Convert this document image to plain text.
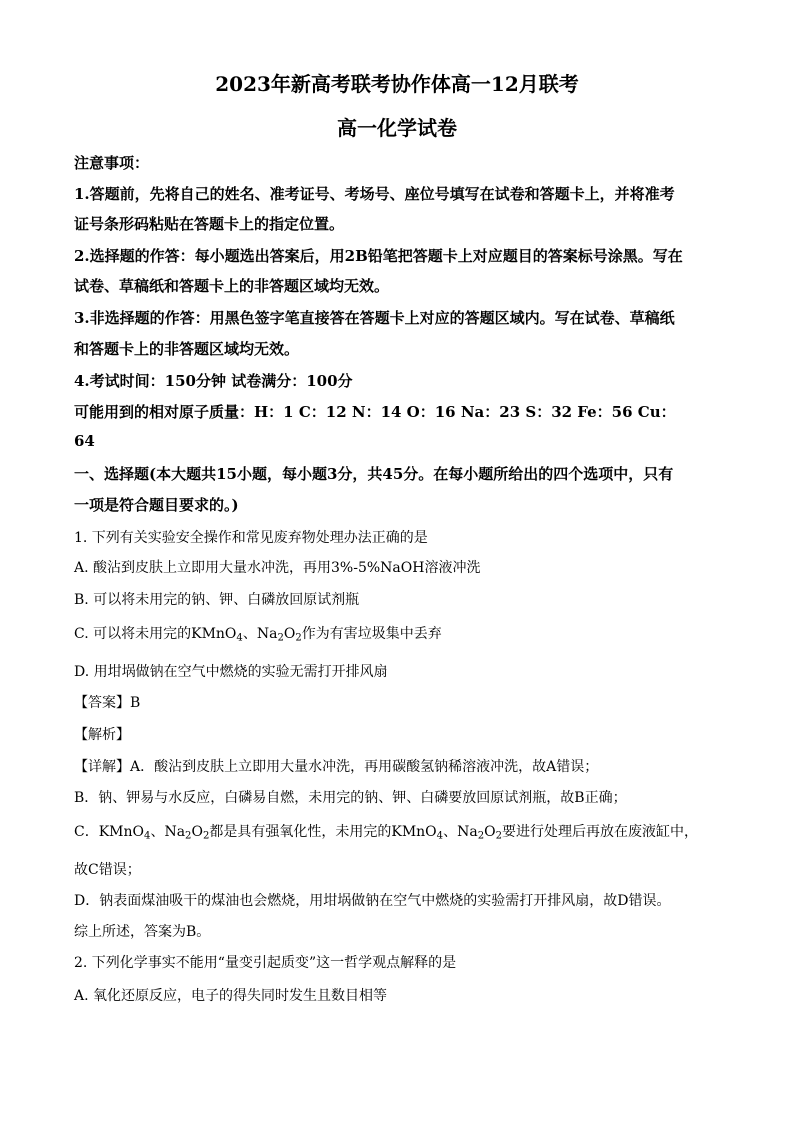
2023年新高考联考协作体高一12月联考
高一化学试卷
注意事项：
1.答题前，先将自己的姓名、准考证号、考场号、座位号填写在试卷和答题卡上，并将准考
证号条形码粘贴在答题卡上的指定位置。
2.选择题的作答：每小题选出答案后，用2B铅笔把答题卡上对应题目的答案标号涂黑。写在
试卷、草稿纸和答题卡上的非答题区域均无效。
3.非选择题的作答：用黑色签字笔直接答在答题卡上对应的答题区域内。写在试卷、草稿纸
和答题卡上的非答题区域均无效。
4.考试时间：150分钟 试卷满分：100分
可能用到的相对原子质量：H：1 C：12 N：14 O：16 Na：23 S：32 Fe：56 Cu：
64
一、选择题(本大题共15小题，每小题3分，共45分。在每小题所给出的四个选项中，只有
一项是符合题目要求的。)
1. 下列有关实验安全操作和常见废弃物处理办法正确的是
A. 酸沾到皮肤上立即用大量水冲洗，再用3%-5%NaOH溶液冲洗
B. 可以将未用完的钠、钾、白磷放回原试剂瓶
C. 可以将未用完的KMnO$_4$、$Na_2O_2$作为有害垃圾集中丢弃
D. 用坩埚做钠在空气中燃烧的实验无需打开排风扇
【答案】B
【解析】
【详解】A．酸沾到皮肤上立即用大量水冲洗，再用碳酸氢钠稀溶液冲洗，故A错误；
B．钠、钾易与水反应，白磷易自燃，未用完的钠、钾、白磷要放回原试剂瓶，故B正确；
C．KMnO$_4$、$Na_2O_2$都是具有强氧化性，未用完的KMnO$_4$、$Na_2O_2$要进行处理后再放在废液缸中，
故C错误；
D．钠表面煤油吸干的煤油也会燃烧，用坩埚做钠在空气中燃烧的实验需打开排风扇，故D错误。
综上所述，答案为B。
2. 下列化学事实不能用“量变引起质变”这一哲学观点解释的是
A. 氧化还原反应，电子的得失同时发生且数目相等
